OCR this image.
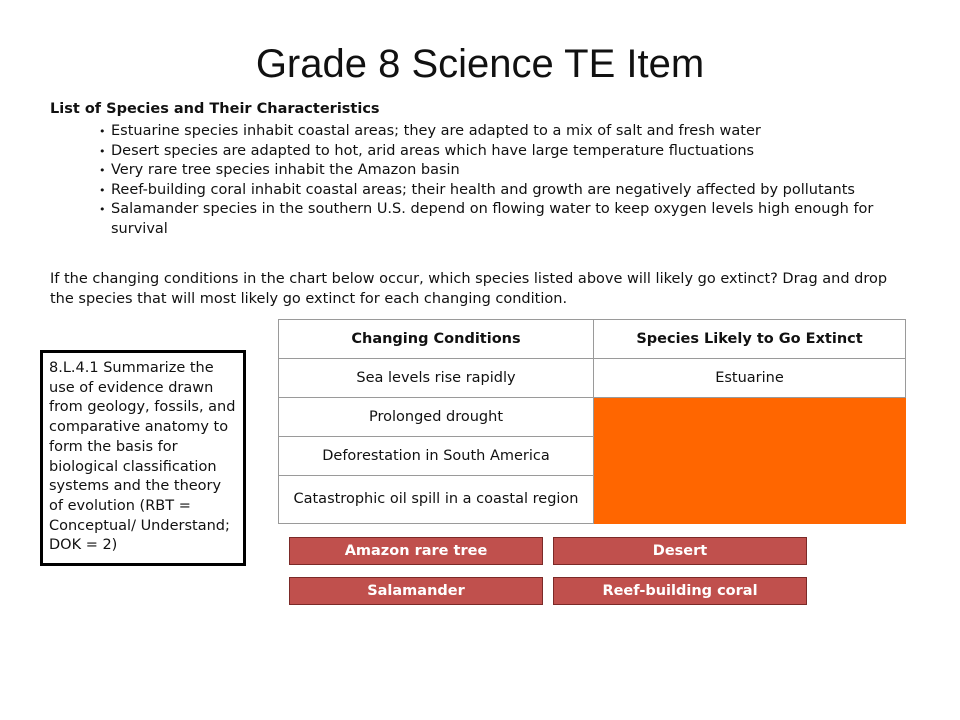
Grade 8 Science TE Item

List of Species and Their Characteristics

• Estuarine species inhabit coastal areas; they are adapted to a mix of salt and fresh water
• Desert species are adapted to hot, arid areas which have large temperature fluctuations
• Very rare tree species inhabit the Amazon basin
• Reef-building coral inhabit coastal areas; their health and growth are negatively affected by pollutants
• Salamander species in the southern U.S. depend on flowing water to keep oxygen levels high enough for survival

If the changing conditions in the chart below occur, which species listed above will likely go extinct? Drag and drop the species that will most likely go extinct for each changing condition.

8.L.4.1 Summarize the use of evidence drawn from geology, fossils, and comparative anatomy to form the basis for biological classification systems and the theory of evolution (RBT = Conceptual/ Understand; DOK = 2)
Changing Conditions	Species Likely to Go Extinct
Sea levels rise rapidly	Estuarine
Prolonged drought	
Deforestation in South America	
Catastrophic oil spill in a coastal region	
Amazon rare tree	Desert
Salamander	Reef-building coral
